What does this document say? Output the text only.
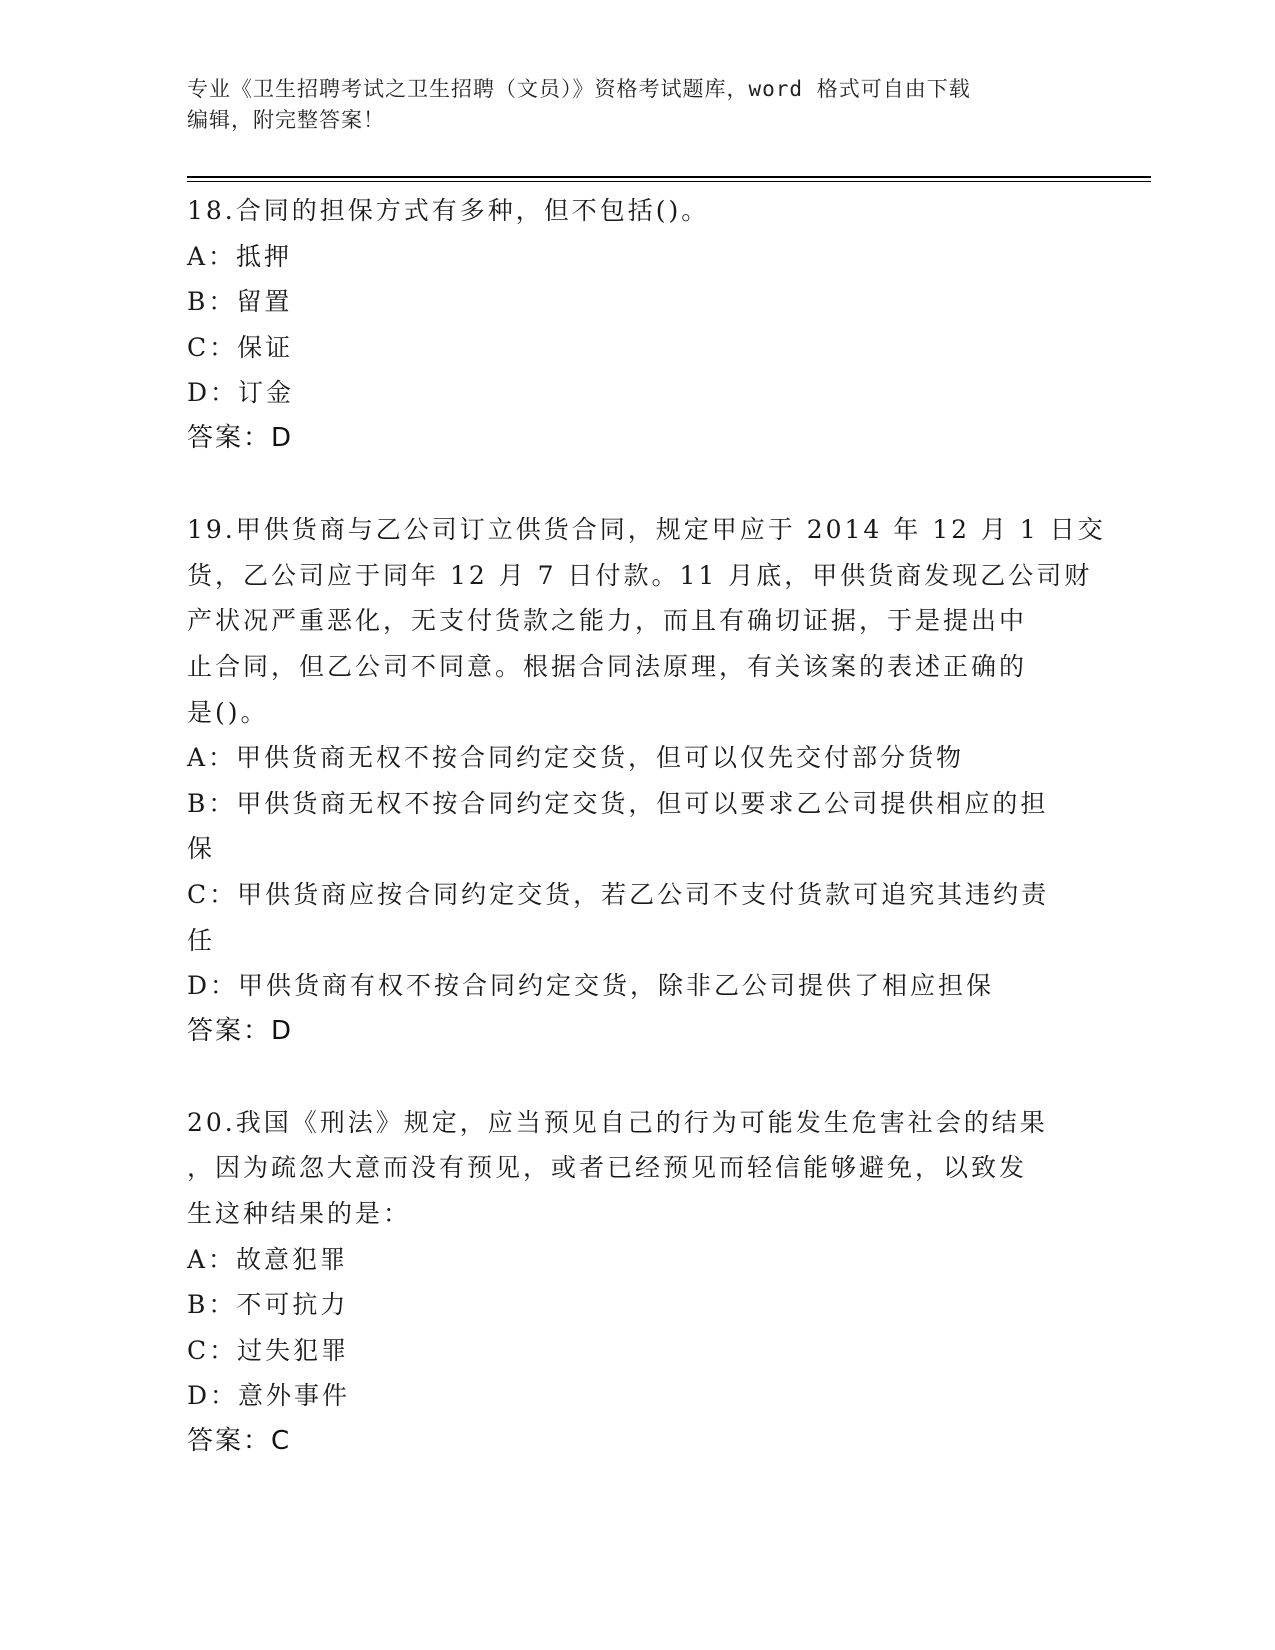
专业《卫生招聘考试之卫生招聘（文员）》资格考试题库，word 格式可自由下载
编辑，附完整答案！
18.合同的担保方式有多种，但不包括()。
A：抵押
B：留置
C：保证
D：订金
答案：D
19.甲供货商与乙公司订立供货合同，规定甲应于 2014 年 12 月 1 日交
货，乙公司应于同年 12 月 7 日付款。11 月底，甲供货商发现乙公司财
产状况严重恶化，无支付货款之能力，而且有确切证据，于是提出中
止合同，但乙公司不同意。根据合同法原理，有关该案的表述正确的
是()。
A：甲供货商无权不按合同约定交货，但可以仅先交付部分货物
B：甲供货商无权不按合同约定交货，但可以要求乙公司提供相应的担
保
C：甲供货商应按合同约定交货，若乙公司不支付货款可追究其违约责
任
D：甲供货商有权不按合同约定交货，除非乙公司提供了相应担保
答案：D
20.我国《刑法》规定，应当预见自己的行为可能发生危害社会的结果
，因为疏忽大意而没有预见，或者已经预见而轻信能够避免，以致发
生这种结果的是：
A：故意犯罪
B：不可抗力
C：过失犯罪
D：意外事件
答案：C
